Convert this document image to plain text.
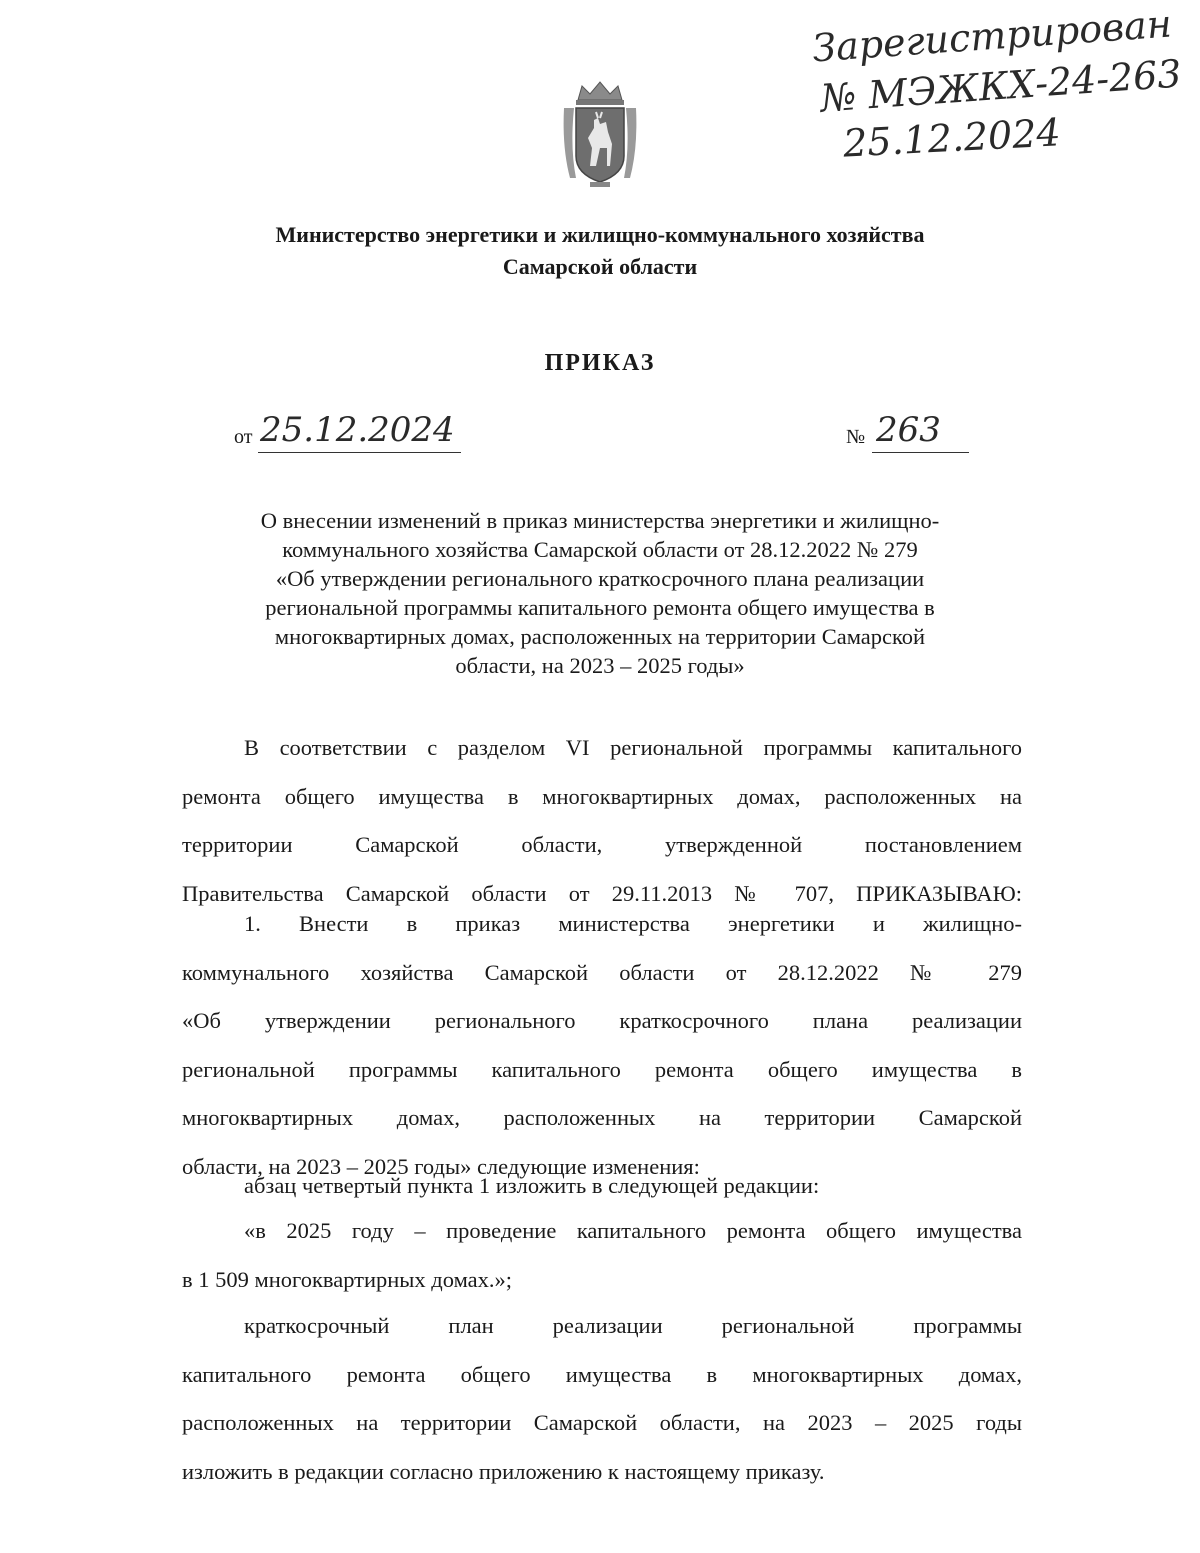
Зарегистрирован
№ МЭЖКХ-24-263
25.12.2024
Министерство энергетики и жилищно-коммунального хозяйства
Самарской области
ПРИКАЗ
от 25.12.2024	№ 263
О внесении изменений в приказ министерства энергетики и жилищно-
коммунального хозяйства Самарской области от 28.12.2022 № 279
«Об утверждении регионального краткосрочного плана реализации
региональной программы капитального ремонта общего имущества в
многоквартирных домах, расположенных на территории Самарской
области, на 2023 – 2025 годы»
В соответствии с разделом VI региональной программы капитального
ремонта общего имущества в многоквартирных домах, расположенных на
территории Самарской области, утвержденной постановлением
Правительства Самарской области от 29.11.2013 № 707, ПРИКАЗЫВАЮ:
1. Внести в приказ министерства энергетики и жилищно-
коммунального хозяйства Самарской области от 28.12.2022 № 279
«Об утверждении регионального краткосрочного плана реализации
региональной программы капитального ремонта общего имущества в
многоквартирных домах, расположенных на территории Самарской
области, на 2023 – 2025 годы» следующие изменения:
абзац четвертый пункта 1 изложить в следующей редакции:
«в 2025 году – проведение капитального ремонта общего имущества
в 1 509 многоквартирных домах.»;
краткосрочный план реализации региональной программы
капитального ремонта общего имущества в многоквартирных домах,
расположенных на территории Самарской области, на 2023 – 2025 годы
изложить в редакции согласно приложению к настоящему приказу.
